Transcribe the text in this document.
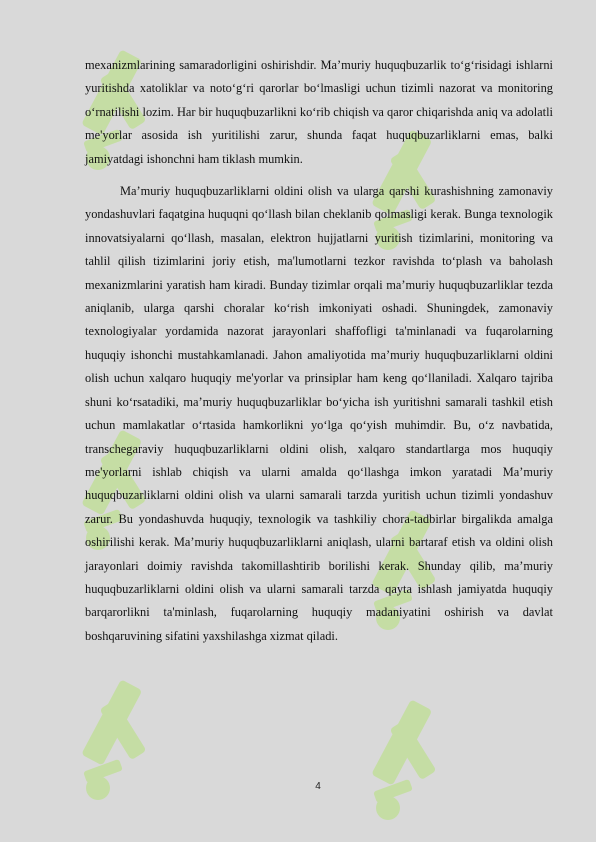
mexanizmlarining samaradorligini oshirishdir. Ma’muriy huquqbuzarlik to‘g‘risidagi ishlarni yuritishda xatoliklar va noto‘g‘ri qarorlar bo‘lmasligi uchun tizimli nazorat va monitoring o‘rnatilishi lozim. Har bir huquqbuzarlikni ko‘rib chiqish va qaror chiqarishda aniq va adolatli me'yorlar asosida ish yuritilishi zarur, shunda faqat huquqbuzarliklarni emas, balki jamiyatdagi ishonchni ham tiklash mumkin.

Ma’muriy huquqbuzarliklarni oldini olish va ularga qarshi kurashishning zamonaviy yondashuvlari faqatgina huquqni qo‘llash bilan cheklanib qolmasligi kerak. Bunga texnologik innovatsiyalarni qo‘llash, masalan, elektron hujjatlarni yuritish tizimlarini, monitoring va tahlil qilish tizimlarini joriy etish, ma'lumotlarni tezkor ravishda to‘plash va baholash mexanizmlarini yaratish ham kiradi. Bunday tizimlar orqali ma’muriy huquqbuzarliklar tezda aniqlanib, ularga qarshi choralar ko‘rish imkoniyati oshadi. Shuningdek, zamonaviy texnologiyalar yordamida nazorat jarayonlari shaffofligi ta'minlanadi va fuqarolarning huquqiy ishonchi mustahkamlanadi. Jahon amaliyotida ma’muriy huquqbuzarliklarni oldini olish uchun xalqaro huquqiy me'yorlar va prinsiplar ham keng qo‘llaniladi. Xalqaro tajriba shuni ko‘rsatadiki, ma’muriy huquqbuzarliklar bo‘yicha ish yuritishni samarali tashkil etish uchun mamlakatlar o‘rtasida hamkorlikni yo‘lga qo‘yish muhimdir. Bu, o‘z navbatida, transchegaraviy huquqbuzarliklarni oldini olish, xalqaro standartlarga mos huquqiy me'yorlarni ishlab chiqish va ularni amalda qo‘llashga imkon yaratadi Ma’muriy huquqbuzarliklarni oldini olish va ularni samarali tarzda yuritish uchun tizimli yondashuv zarur. Bu yondashuvda huquqiy, texnologik va tashkiliy chora-tadbirlar birgalikda amalga oshirilishi kerak. Ma’muriy huquqbuzarliklarni aniqlash, ularni bartaraf etish va oldini olish jarayonlari doimiy ravishda takomillashtirib borilishi kerak. Shunday qilib, ma’muriy huquqbuzarliklarni oldini olish va ularni samarali tarzda qayta ishlash jamiyatda huquqiy barqarorlikni ta'minlash, fuqarolarning huquqiy madaniyatini oshirish va davlat boshqaruvining sifatini yaxshilashga xizmat qiladi.

4
